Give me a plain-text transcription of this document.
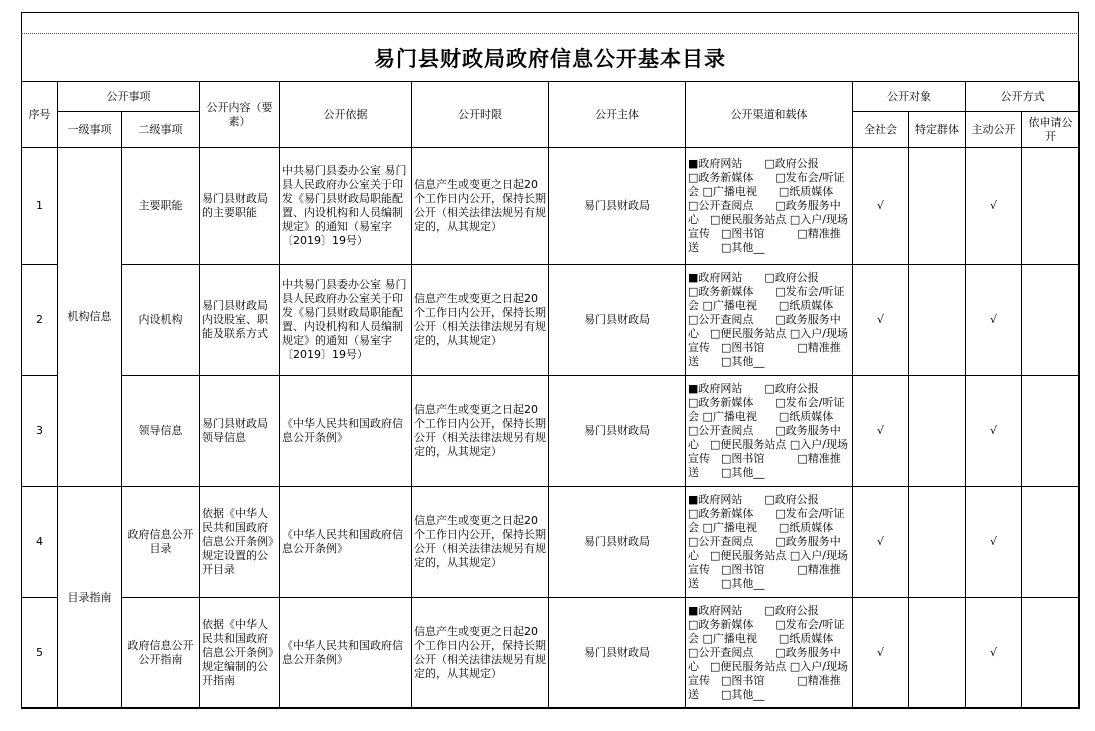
易门县财政局政府信息公开基本目录
序号	公开事项		公开内容（要素）	公开依据	公开时限	公开主体	公开渠道和载体	公开对象		公开方式	
	一级事项	二级事项						全社会	特定群体	主动公开	依申请公开
1	机构信息	主要职能	易门县财政局的主要职能	中共易门县委办公室 易门县人民政府办公室关于印发《易门县财政局职能配置、内设机构和人员编制规定》的通知（易室字〔2019〕19号）	信息产生或变更之日起20个工作日内公开，保持长期公开（相关法律法规另有规定的，从其规定）	易门县财政局	■政府网站　　□政府公报
□政务新媒体　　□发布会/听证会 □广播电视　　□纸质媒体
□公开查阅点　　□政务服务中心　□便民服务站点 □入户/现场宣传　□图书馆　　　□精准推送　　□其他__	√		√	
2		内设机构	易门县财政局内设股室、职能及联系方式	中共易门县委办公室 易门县人民政府办公室关于印发《易门县财政局职能配置、内设机构和人员编制规定》的通知（易室字〔2019〕19号）	信息产生或变更之日起20个工作日内公开，保持长期公开（相关法律法规另有规定的，从其规定）	易门县财政局	■政府网站　　□政府公报
□政务新媒体　　□发布会/听证会 □广播电视　　□纸质媒体
□公开查阅点　　□政务服务中心　□便民服务站点 □入户/现场宣传　□图书馆　　　□精准推送　　□其他__	√		√	
3		领导信息	易门县财政局领导信息	《中华人民共和国政府信息公开条例》	信息产生或变更之日起20个工作日内公开，保持长期公开（相关法律法规另有规定的，从其规定）	易门县财政局	■政府网站　　□政府公报
□政务新媒体　　□发布会/听证会 □广播电视　　□纸质媒体
□公开查阅点　　□政务服务中心　□便民服务站点 □入户/现场宣传　□图书馆　　　□精准推送　　□其他__	√		√	
4	目录指南	政府信息公开目录	依据《中华人民共和国政府信息公开条例》规定设置的公开目录	《中华人民共和国政府信息公开条例》	信息产生或变更之日起20个工作日内公开，保持长期公开（相关法律法规另有规定的，从其规定）	易门县财政局	■政府网站　　□政府公报
□政务新媒体　　□发布会/听证会 □广播电视　　□纸质媒体
□公开查阅点　　□政务服务中心　□便民服务站点 □入户/现场宣传　□图书馆　　　□精准推送　　□其他__	√		√	
5		政府信息公开公开指南	依据《中华人民共和国政府信息公开条例》规定编制的公开指南	《中华人民共和国政府信息公开条例》	信息产生或变更之日起20个工作日内公开，保持长期公开（相关法律法规另有规定的，从其规定）	易门县财政局	■政府网站　　□政府公报
□政务新媒体　　□发布会/听证会 □广播电视　　□纸质媒体
□公开查阅点　　□政务服务中心　□便民服务站点 □入户/现场宣传　□图书馆　　　□精准推送　　□其他__	√		√	
